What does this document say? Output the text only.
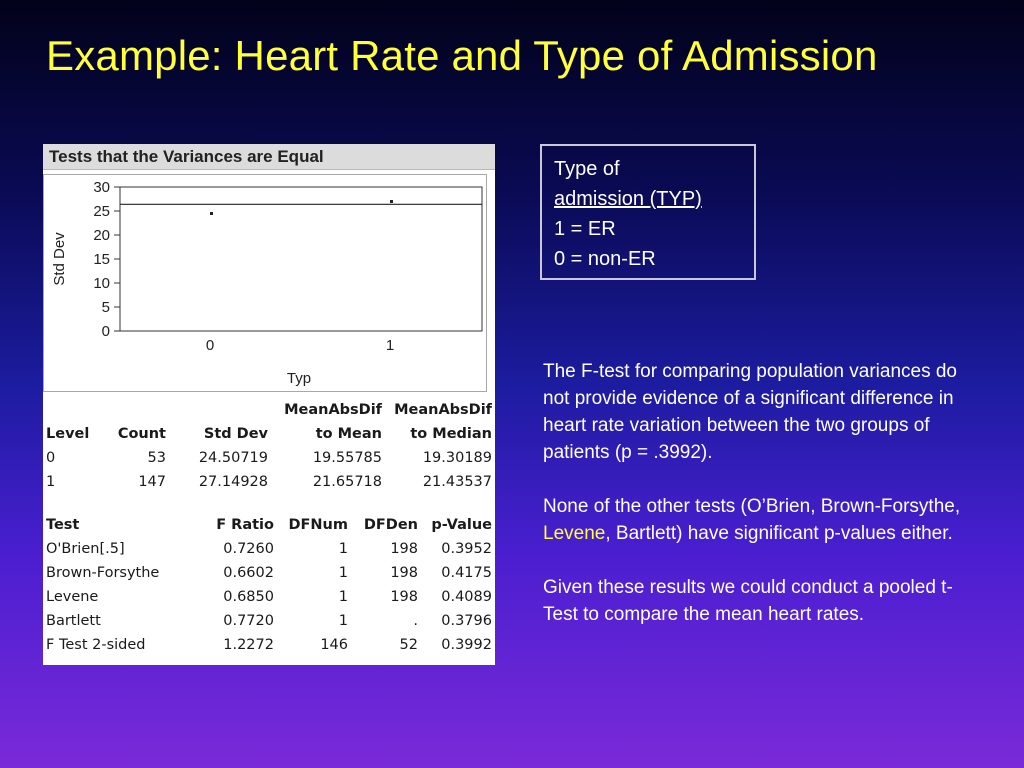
Example: Heart Rate and Type of Admission
Tests that the Variances are Equal
30
25
20
15
10
5
0
0	1
Typ
Std Dev
			MeanAbsDif	MeanAbsDif
Level	Count	Std Dev	to Mean	to Median
0	53	24.50719	19.55785	19.30189
1	147	27.14928	21.65718	21.43537
Test	F Ratio	DFNum	DFDen	p-Value
O'Brien[.5]	0.7260	1	198	0.3952
Brown-Forsythe	0.6602	1	198	0.4175
Levene	0.6850	1	198	0.4089
Bartlett	0.7720	1	.	0.3796
F Test 2-sided	1.2272	146	52	0.3992
Type of
admission (TYP)
1 = ER
0 = non-ER

The F-test for comparing population variances do not provide evidence of a significant difference in heart rate variation between the two groups of patients (p = .3992).

None of the other tests (O’Brien, Brown-Forsythe, Levene, Bartlett) have significant p-values either.

Given these results we could conduct a pooled t-Test to compare the mean heart rates.
